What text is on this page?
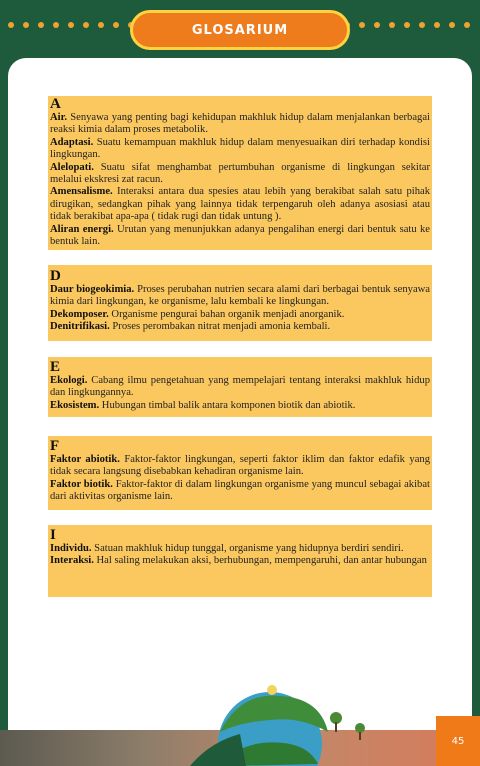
GLOSARIUM
A

Air. Senyawa yang penting bagi kehidupan makhluk hidup dalam menjalankan berbagai reaksi kimia dalam proses metabolik.

Adaptasi. Suatu kemampuan makhluk hidup dalam menyesuaikan diri terhadap kondisi lingkungan.

Alelopati. Suatu sifat menghambat pertumbuhan organisme di lingkungan sekitar melalui ekskresi zat racun.

Amensalisme. Interaksi antara dua spesies atau lebih yang berakibat salah satu pihak dirugikan, sedangkan pihak yang lainnya tidak terpengaruh oleh adanya asosiasi atau tidak berakibat apa-apa ( tidak rugi dan tidak untung ).

Aliran energi. Urutan yang menunjukkan adanya pengalihan energi dari bentuk satu ke bentuk lain.

D

Daur biogeokimia. Proses perubahan nutrien secara alami dari berbagai bentuk senyawa kimia dari lingkungan, ke organisme, lalu kembali ke lingkungan.

Dekomposer. Organisme pengurai bahan organik menjadi anorganik.

Denitrifikasi. Proses perombakan nitrat menjadi amonia kembali.

E

Ekologi. Cabang ilmu pengetahuan yang mempelajari tentang interaksi makhluk hidup dan lingkungannya.

Ekosistem. Hubungan timbal balik antara komponen biotik dan abiotik.

F

Faktor abiotik. Faktor-faktor lingkungan, seperti faktor iklim dan faktor edafik yang tidak secara langsung disebabkan kehadiran organisme lain.

Faktor biotik. Faktor-faktor di dalam lingkungan organisme yang muncul sebagai akibat dari aktivitas organisme lain.

I

Individu. Satuan makhluk hidup tunggal, organisme yang hidupnya berdiri sendiri.

Interaksi. Hal saling melakukan aksi, berhubungan, mempengaruhi, dan antar hubungan

45
